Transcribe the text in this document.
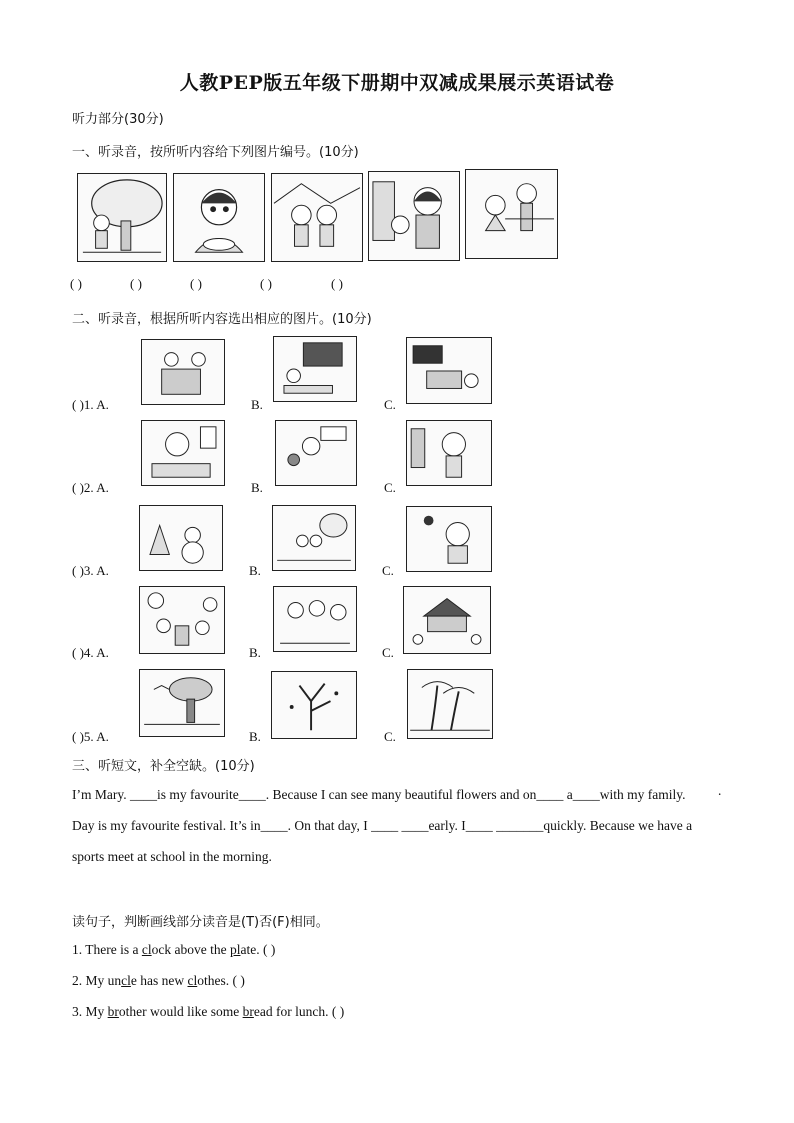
人教PEP版五年级下册期中双减成果展示英语试卷
听力部分(30分)
一、听录音，按所听内容给下列图片编号。(10分)
( )	( )	( )	( )	( )
二、听录音，根据所听内容选出相应的图片。(10分)
( )1. A.	B.	C.
( )2. A.	B.	C.
( )3. A.	B.	C.
( )4. A.	B.	C.
( )5. A.	B.	C.
三、听短文，补全空缺。(10分)
I’m Mary. ____is my favourite____. Because I can see many beautiful flowers and on____ a____with my family. .
Day is my favourite festival. It’s in____. On that day, I ____ ____early. I____ _______quickly. Because we have a
sports meet at school in the morning.
读句子，判断画线部分读音是(T)否(F)相同。
1. There is a clock above the plate. ( )
2. My uncle has new clothes. ( )
3. My brother would like some bread for lunch. ( )
